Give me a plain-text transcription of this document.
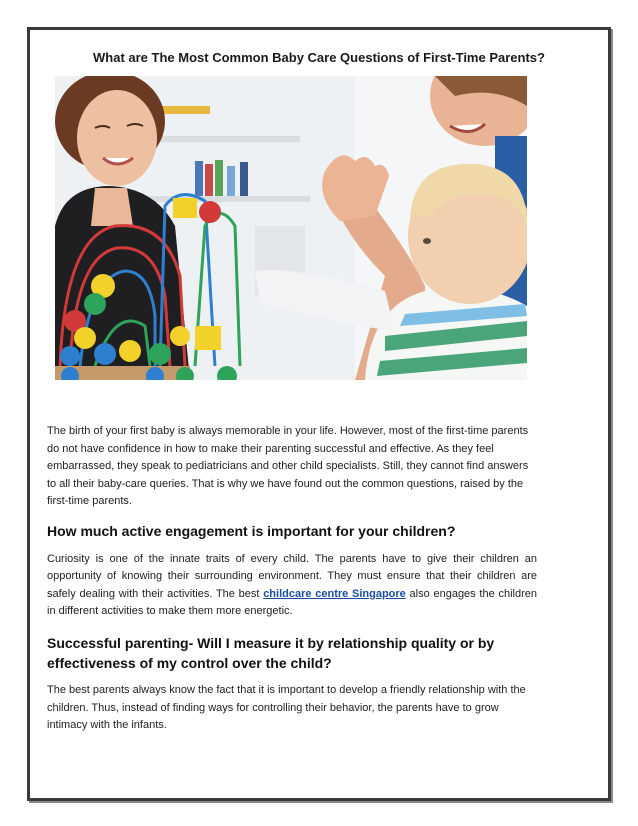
What are The Most Common Baby Care Questions of First-Time Parents?

The birth of your first baby is always memorable in your life. However, most of the first-time parents do not have confidence in how to make their parenting successful and effective. As they feel embarrassed, they speak to pediatricians and other child specialists. Still, they cannot find answers to all their baby-care queries. That is why we have found out the common questions, raised by the first-time parents.

How much active engagement is important for your children?

Curiosity is one of the innate traits of every child. The parents have to give their children an opportunity of knowing their surrounding environment. They must ensure that their children are safely dealing with their activities. The best childcare centre Singapore also engages the children in different activities to make them more energetic.

Successful parenting- Will I measure it by relationship quality or by effectiveness of my control over the child?

The best parents always know the fact that it is important to develop a friendly relationship with the children. Thus, instead of finding ways for controlling their behavior, the parents have to grow intimacy with the infants.
